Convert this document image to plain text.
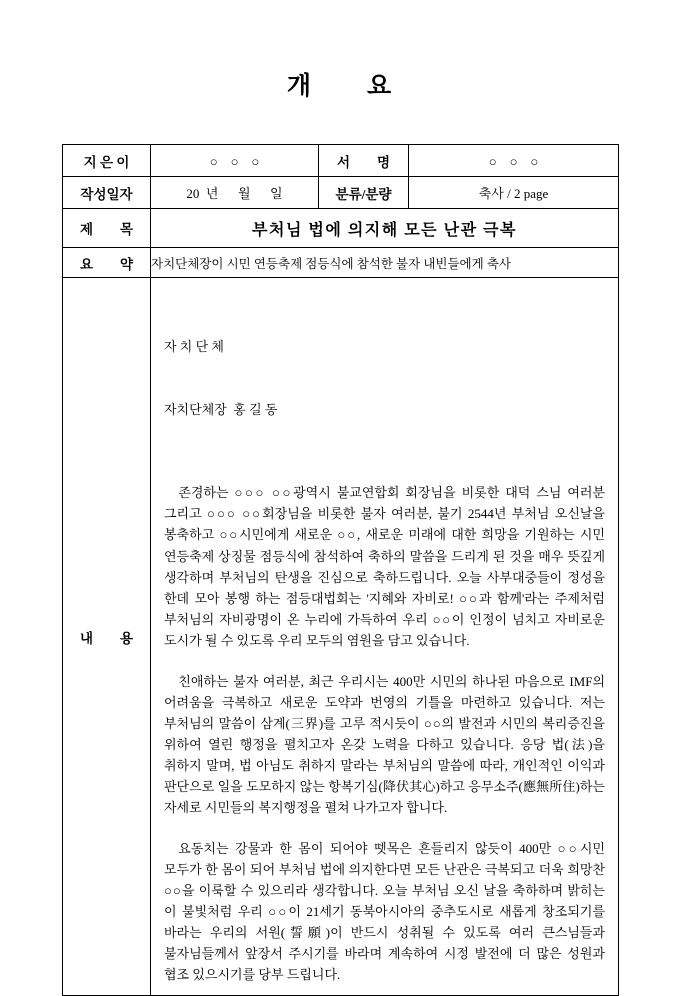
개　　요
지 은 이	○　○　○	서　　명	○　○　○
작성일자	20  년　  월　  일	분류/분량	축사 / 2 page
제　　목	부처님 법에 의지해 모든 난관 극복		
요　　약	자치단체장이 시민 연등축제 점등식에 참석한 불자 내빈들에게 축사		
내　　용	자 치 단 체

자치단체장  홍 길 동

존경하는 ○○○ ○○광역시 불교연합회 회장님을 비롯한 대덕 스님 여러분 그리고 ○○○ ○○회장님을 비롯한 불자 여러분, 불기 2544년 부처님 오신날을 봉축하고 ○○시민에게 새로운 ○○, 새로운 미래에 대한 희망을 기원하는 시민 연등축제 상징물 점등식에 참석하여 축하의 말씀을 드리게 된 것을 매우 뜻깊게 생각하며 부처님의 탄생을 진심으로 축하드립니다. 오늘 사부대중들이 정성을 한데 모아 봉행 하는 점등대법회는 '지혜와 자비로! ○○과 함께'라는 주제처럼 부처님의 자비광명이 온 누리에 가득하여 우리 ○○이 인정이 넘치고 자비로운 도시가 될 수 있도록 우리 모두의 염원을 담고 있습니다.

친애하는 불자 여러분, 최근 우리시는 400만 시민의 하나된 마음으로 IMF의 어려움을 극복하고 새로운 도약과 번영의 기틀을 마련하고 있습니다. 저는 부처님의 말씀이 삼계(三界)를 고루 적시듯이 ○○의 발전과 시민의 복리증진을 위하여 열린 행정을 펼치고자 온갖 노력을 다하고 있습니다. 응당 법(法)을 취하지 말며, 법 아님도 취하지 말라는 부처님의 말씀에 따라, 개인적인 이익과 판단으로 일을 도모하지 않는 항복기심(降伏其心)하고 응무소주(應無所住)하는 자세로 시민들의 복지행정을 펼쳐 나가고자 합니다.

요동치는 강물과 한 몸이 되어야 뗏목은 흔들리지 않듯이 400만 ○○시민 모두가 한 몸이 되어 부처님 법에 의지한다면 모든 난관은 극복되고 더욱 희망찬 ○○을 이룩할 수 있으리라 생각합니다. 오늘 부처님 오신 날을 축하하며 밝히는 이 불빛처럼 우리 ○○이 21세기 동북아시아의 중추도시로 새롭게 창조되기를 바라는 우리의 서원(誓願)이 반드시 성취될 수 있도록 여러 큰스님들과 불자님들께서 앞장서 주시기를 바라며 계속하여 시정 발전에 더 많은 성원과 협조 있으시기를 당부 드립니다.		
